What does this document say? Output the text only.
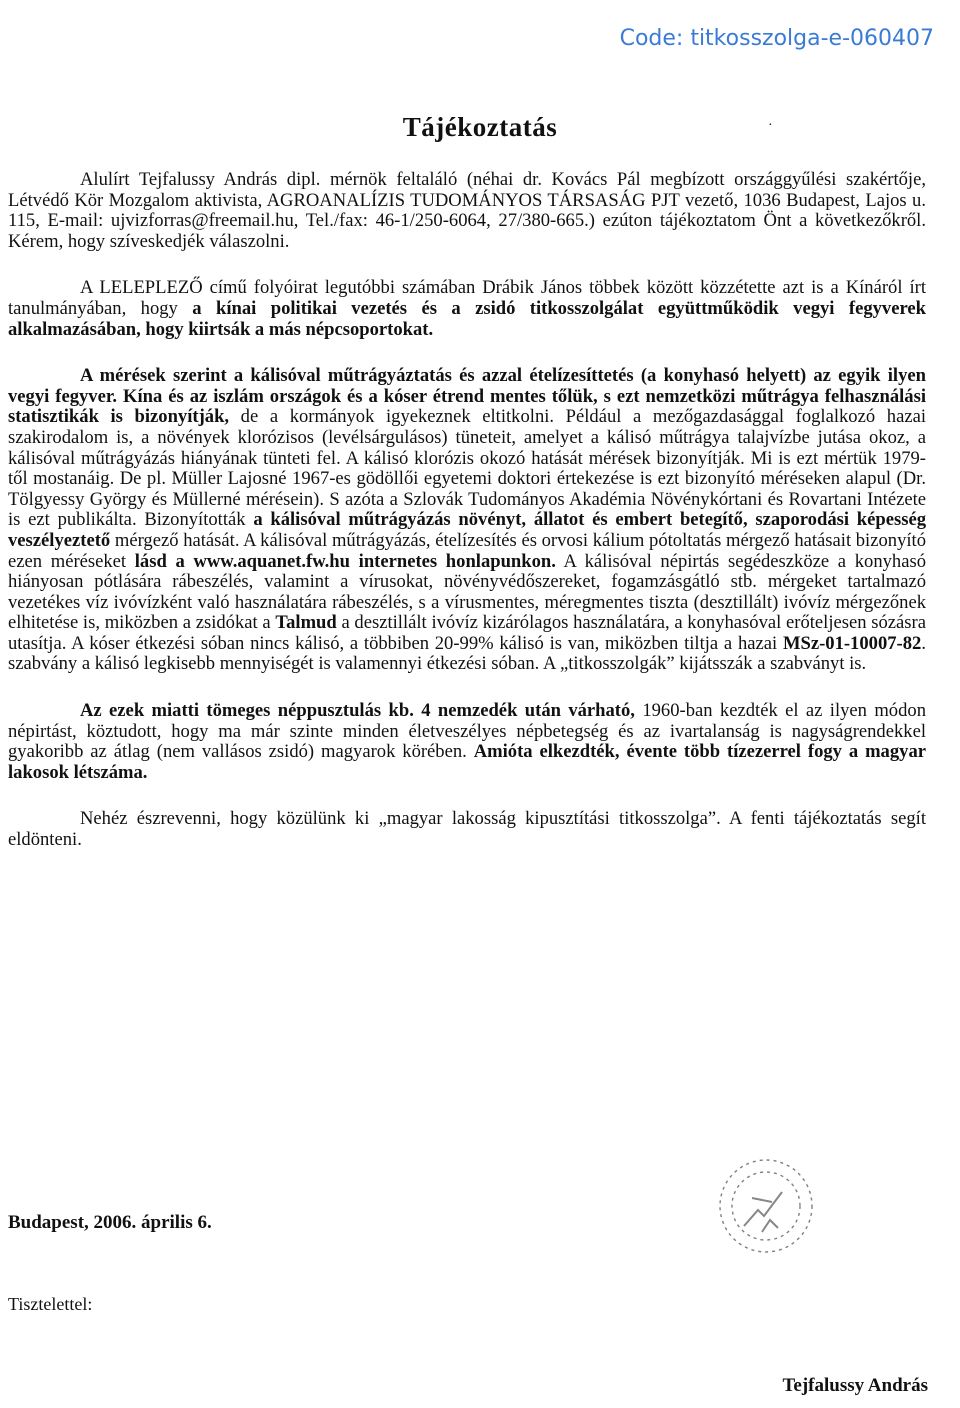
Code: titkosszolga-e-060407
Tájékoztatás	·

Alulírt Tejfalussy András dipl. mérnök feltaláló (néhai dr. Kovács Pál megbízott országgyűlési szakértője, Létvédő Kör Mozgalom aktivista, AGROANALÍZIS TUDOMÁNYOS TÁRSASÁG PJT vezető, 1036 Budapest, Lajos u. 115, E-mail: ujvizforras@freemail.hu, Tel./fax: 46-1/250-6064, 27/380-665.) ezúton tájékoztatom Önt a következőkről. Kérem, hogy szíveskedjék válaszolni.

A LELEPLEZŐ című folyóirat legutóbbi számában Drábik János többek között közzétette azt is a Kínáról írt tanulmányában, hogy a kínai politikai vezetés és a zsidó titkosszolgálat együttműködik vegyi fegyverek alkalmazásában, hogy kiirtsák a más népcsoportokat.

A mérések szerint a kálisóval műtrágyáztatás és azzal ételízesíttetés (a konyhasó helyett) az egyik ilyen vegyi fegyver. Kína és az iszlám országok és a kóser étrend mentes tőlük, s ezt nemzetközi műtrágya felhasználási statisztikák is bizonyítják, de a kormányok igyekeznek eltitkolni. Például a mezőgazdasággal foglalkozó hazai szakirodalom is, a növények klorózisos (levélsárgulásos) tüneteit, amelyet a kálisó műtrágya talajvízbe jutása okoz, a kálisóval műtrágyázás hiányának tünteti fel. A kálisó klorózis okozó hatását mérések bizonyítják. Mi is ezt mértük 1979-től mostanáig. De pl. Müller Lajosné 1967-es gödöllői egyetemi doktori értekezése is ezt bizonyító méréseken alapul (Dr. Tölgyessy György és Müllerné mérésein). S azóta a Szlovák Tudományos Akadémia Növénykórtani és Rovartani Intézete is ezt publikálta. Bizonyították a kálisóval műtrágyázás növényt, állatot és embert betegítő, szaporodási képesség veszélyeztető mérgező hatását. A kálisóval műtrágyázás, ételízesítés és orvosi kálium pótoltatás mérgező hatásait bizonyító ezen méréseket lásd a www.aquanet.fw.hu internetes honlapunkon. A kálisóval népirtás segédeszköze a konyhasó hiányosan pótlására rábeszélés, valamint a vírusokat, növényvédőszereket, fogamzásgátló stb. mérgeket tartalmazó vezetékes víz ivóvízként való használatára rábeszélés, s a vírusmentes, méregmentes tiszta (desztillált) ivóvíz mérgezőnek elhitetése is, miközben a zsidókat a Talmud a desztillált ivóvíz kizárólagos használatára, a konyhasóval erőteljesen sózásra utasítja. A kóser étkezési sóban nincs kálisó, a többiben 20-99% kálisó is van, miközben tiltja a hazai MSz-01-10007-82. szabvány a kálisó legkisebb mennyiségét is valamennyi étkezési sóban. A „titkosszolgák” kijátsszák a szabványt is.

Az ezek miatti tömeges néppusztulás kb. 4 nemzedék után várható, 1960-ban kezdték el az ilyen módon népirtást, köztudott, hogy ma már szinte minden életveszélyes népbetegség és az ivartalanság is nagyságrendekkel gyakoribb az átlag (nem vallásos zsidó) magyarok körében. Amióta elkezdték, évente több tízezerrel fogy a magyar lakosok létszáma.

Nehéz észrevenni, hogy közülünk ki „magyar lakosság kipusztítási titkosszolga”. A fenti tájékoztatás segít eldönteni.

Budapest, 2006. április 6.
Tisztelettel:
Tejfalussy András
